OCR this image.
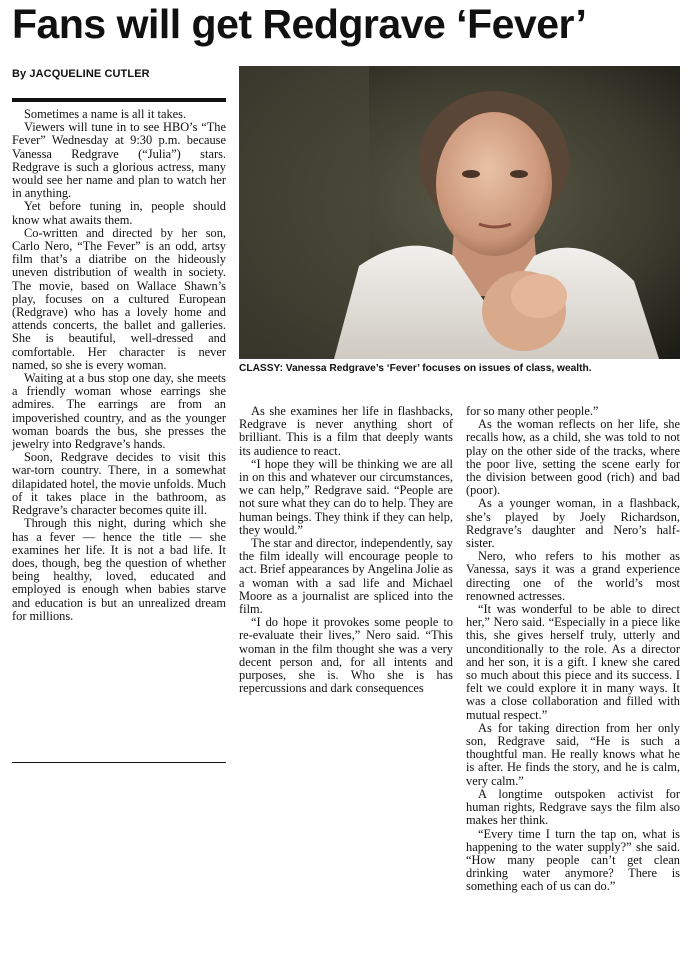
Fans will get Redgrave ‘Fever’
By JACQUELINE CUTLER

Sometimes a name is all it takes.

Viewers will tune in to see HBO’s “The Fever” Wednesday at 9:30 p.m. because Vanessa Redgrave (“Julia”) stars. Redgrave is such a glorious actress, many would see her name and plan to watch her in anything.

Yet before tuning in, people should know what awaits them.

Co-written and directed by her son, Carlo Nero, “The Fever” is an odd, artsy film that’s a diatribe on the hideously uneven distribution of wealth in society. The movie, based on Wallace Shawn’s play, focuses on a cultured European (Redgrave) who has a lovely home and attends concerts, the ballet and galleries. She is beautiful, well-dressed and comfortable. Her character is never named, so she is every woman.

Waiting at a bus stop one day, she meets a friendly woman whose earrings she admires. The earrings are from an impoverished country, and as the younger woman boards the bus, she presses the jewelry into Redgrave’s hands.

Soon, Redgrave decides to visit this war-torn country. There, in a somewhat dilapidated hotel, the movie unfolds. Much of it takes place in the bathroom, as Redgrave’s character becomes quite ill.

Through this night, during which she has a fever — hence the title — she examines her life. It is not a bad life. It does, though, beg the question of whether being healthy, loved, educated and employed is enough when babies starve and education is but an unrealized dream for millions.

CLASSY: Vanessa Redgrave’s ‘Fever’ focuses on issues of class, wealth.

As she examines her life in flashbacks, Redgrave is never anything short of brilliant. This is a film that deeply wants its audience to react.

“I hope they will be thinking we are all in on this and whatever our circumstances, we can help,” Redgrave said. “People are not sure what they can do to help. They are human beings. They think if they can help, they would.”

The star and director, independently, say the film ideally will encourage people to act. Brief appearances by Angelina Jolie as a woman with a sad life and Michael Moore as a journalist are spliced into the film.

“I do hope it provokes some people to re-evaluate their lives,” Nero said. “This woman in the film thought she was a very decent person and, for all intents and purposes, she is. Who she is has repercussions and dark consequences

for so many other people.”

As the woman reflects on her life, she recalls how, as a child, she was told to not play on the other side of the tracks, where the poor live, setting the scene early for the division between good (rich) and bad (poor).

As a younger woman, in a flashback, she’s played by Joely Richardson, Redgrave’s daughter and Nero’s half-sister.

Nero, who refers to his mother as Vanessa, says it was a grand experience directing one of the world’s most renowned actresses.

“It was wonderful to be able to direct her,” Nero said. “Especially in a piece like this, she gives herself truly, utterly and unconditionally to the role. As a director and her son, it is a gift. I knew she cared so much about this piece and its success. I felt we could explore it in many ways. It was a close collaboration and filled with mutual respect.”

As for taking direction from her only son, Redgrave said, “He is such a thoughtful man. He really knows what he is after. He finds the story, and he is calm, very calm.”

A longtime outspoken activist for human rights, Redgrave says the film also makes her think.

“Every time I turn the tap on, what is happening to the water supply?” she said. “How many people can’t get clean drinking water anymore? There is something each of us can do.”
